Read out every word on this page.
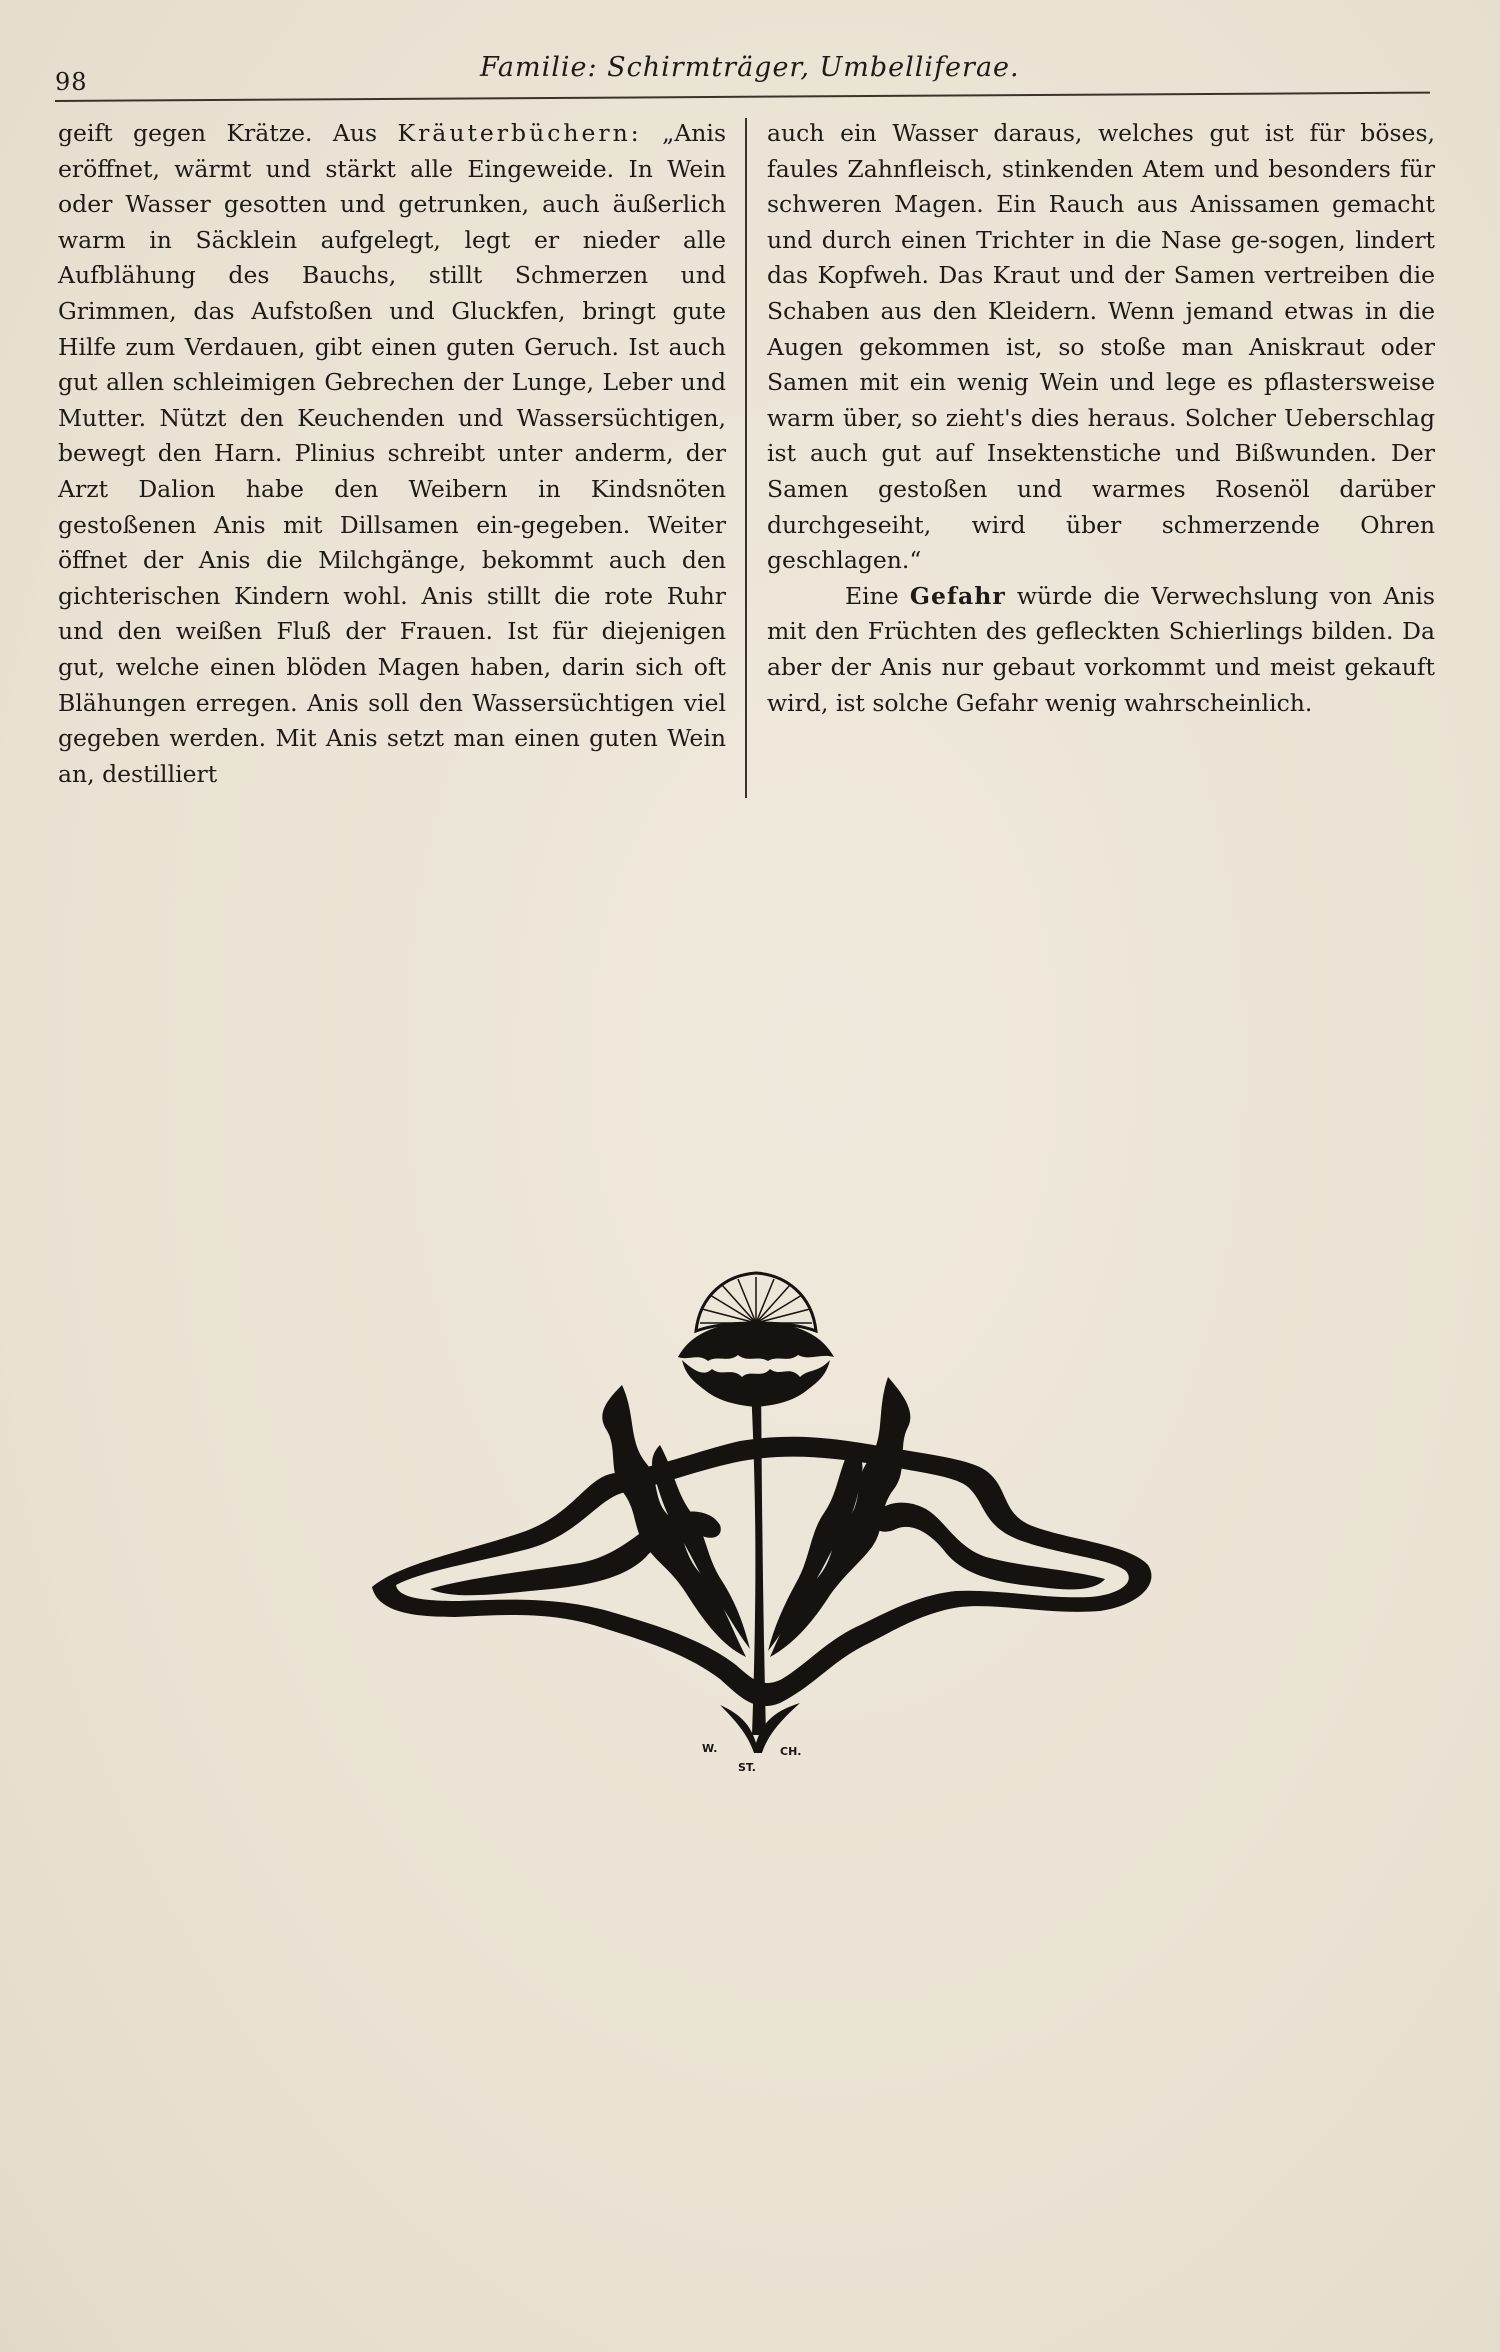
98	Familie: Schirmträger, Umbelliferae.

geift gegen Krätze. Aus Kräuterbüchern: „Anis eröffnet, wärmt und stärkt alle Eingeweide. In Wein oder Wasser gesotten und getrunken, auch äußerlich warm in Säcklein aufgelegt, legt er nieder alle Aufblähung des Bauchs, stillt Schmerzen und Grimmen, das Aufstoßen und Gluckfen, bringt gute Hilfe zum Verdauen, gibt einen guten Geruch. Ist auch gut allen schleimigen Gebrechen der Lunge, Leber und Mutter. Nützt den Keuchenden und Wassersüchtigen, bewegt den Harn. Plinius schreibt unter anderm, der Arzt Dalion habe den Weibern in Kindsnöten gestoßenen Anis mit Dillsamen ein-gegeben. Weiter öffnet der Anis die Milchgänge, bekommt auch den gichterischen Kindern wohl. Anis stillt die rote Ruhr und den weißen Fluß der Frauen. Ist für diejenigen gut, welche einen blöden Magen haben, darin sich oft Blähungen erregen. Anis soll den Wassersüchtigen viel gegeben werden. Mit Anis setzt man einen guten Wein an, destilliert

auch ein Wasser daraus, welches gut ist für böses, faules Zahnfleisch, stinkenden Atem und besonders für schweren Magen. Ein Rauch aus Anissamen gemacht und durch einen Trichter in die Nase ge-sogen, lindert das Kopfweh. Das Kraut und der Samen vertreiben die Schaben aus den Kleidern. Wenn jemand etwas in die Augen gekommen ist, so stoße man Aniskraut oder Samen mit ein wenig Wein und lege es pflastersweise warm über, so zieht's dies heraus. Solcher Ueberschlag ist auch gut auf Insektenstiche und Bißwunden. Der Samen gestoßen und warmes Rosenöl darüber durchgeseiht, wird über schmerzende Ohren geschlagen.“

Eine Gefahr würde die Verwechslung von Anis mit den Früchten des gefleckten Schierlings bilden. Da aber der Anis nur gebaut vorkommt und meist gekauft wird, ist solche Gefahr wenig wahrscheinlich.

W.	CH.
ST.
